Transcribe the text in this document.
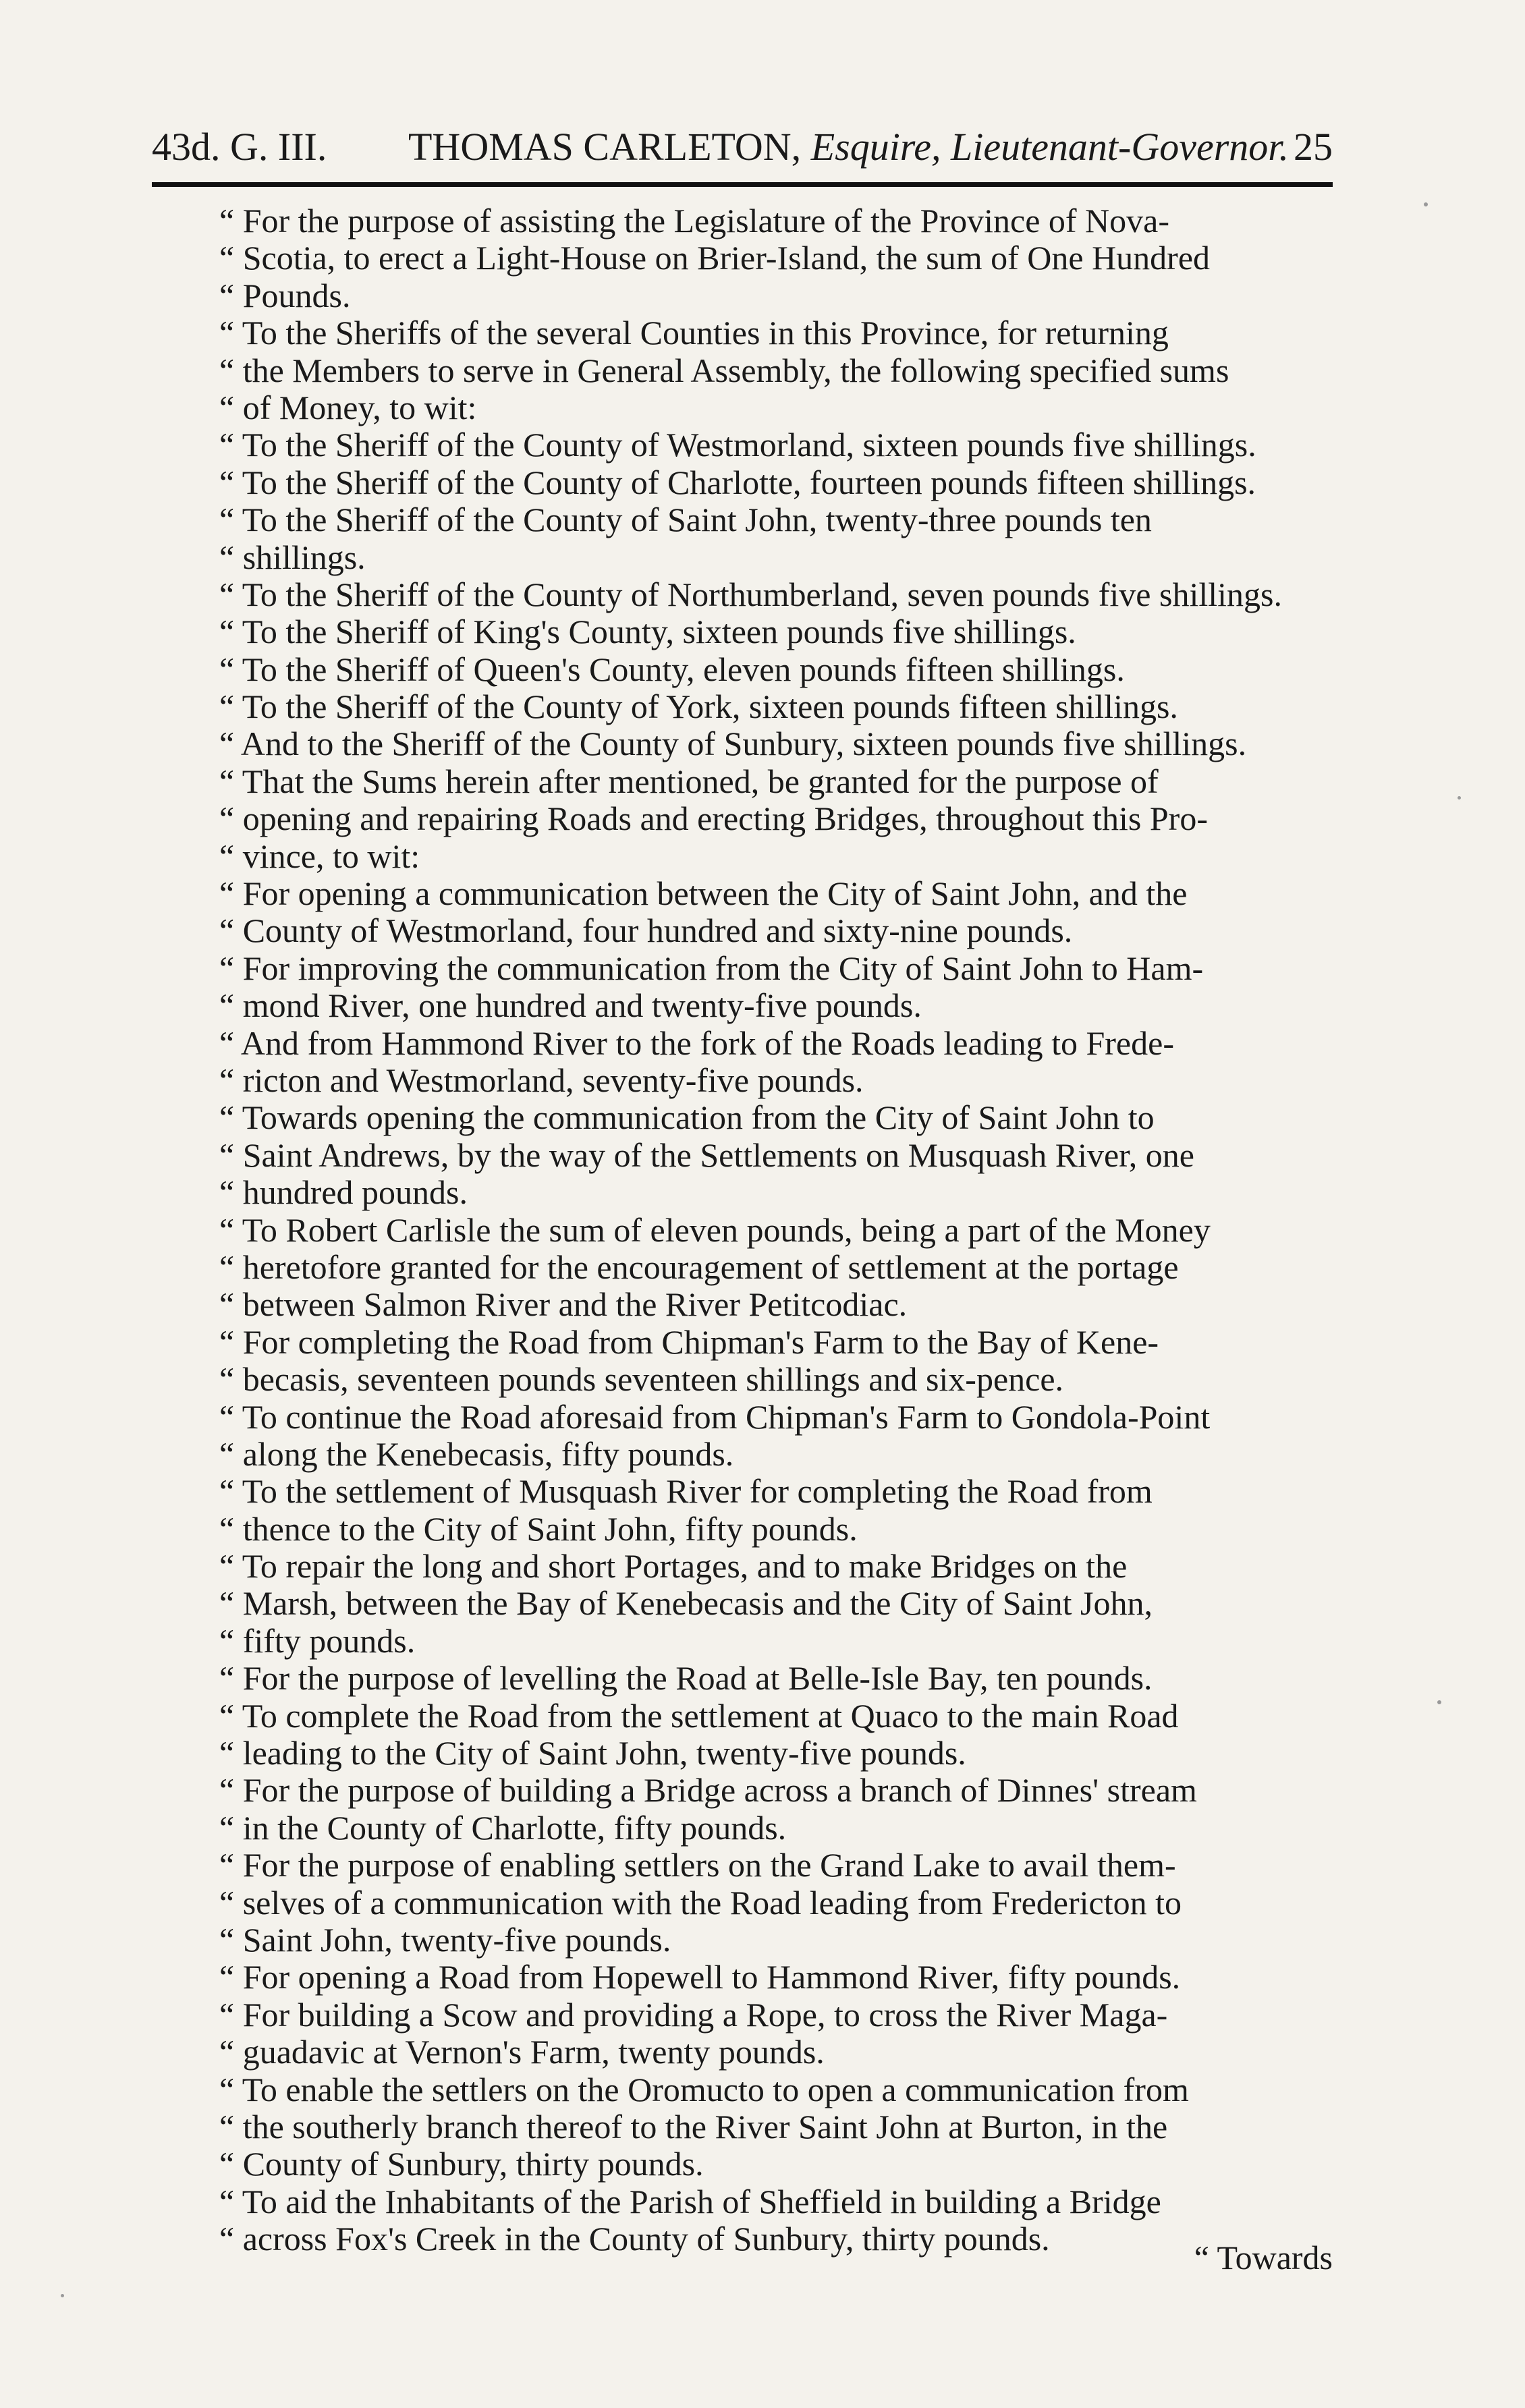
43d. G. III. THOMAS CARLETON, Esquire, Lieutenant-Governor. 25
“ For the purpose of assisting the Legislature of the Province of Nova-
“ Scotia, to erect a Light-House on Brier-Island, the sum of One Hundred
“ Pounds.
“ To the Sheriffs of the several Counties in this Province, for returning
“ the Members to serve in General Assembly, the following specified sums
“ of Money, to wit:
“ To the Sheriff of the County of Westmorland, sixteen pounds five shillings.
“ To the Sheriff of the County of Charlotte, fourteen pounds fifteen shillings.
“ To the Sheriff of the County of Saint John, twenty-three pounds ten
“ shillings.
“ To the Sheriff of the County of Northumberland, seven pounds five shillings.
“ To the Sheriff of King's County, sixteen pounds five shillings.
“ To the Sheriff of Queen's County, eleven pounds fifteen shillings.
“ To the Sheriff of the County of York, sixteen pounds fifteen shillings.
“ And to the Sheriff of the County of Sunbury, sixteen pounds five shillings.
“ That the Sums herein after mentioned, be granted for the purpose of
“ opening and repairing Roads and erecting Bridges, throughout this Pro-
“ vince, to wit:
“ For opening a communication between the City of Saint John, and the
“ County of Westmorland, four hundred and sixty-nine pounds.
“ For improving the communication from the City of Saint John to Ham-
“ mond River, one hundred and twenty-five pounds.
“ And from Hammond River to the fork of the Roads leading to Frede-
“ ricton and Westmorland, seventy-five pounds.
“ Towards opening the communication from the City of Saint John to
“ Saint Andrews, by the way of the Settlements on Musquash River, one
“ hundred pounds.
“ To Robert Carlisle the sum of eleven pounds, being a part of the Money
“ heretofore granted for the encouragement of settlement at the portage
“ between Salmon River and the River Petitcodiac.
“ For completing the Road from Chipman's Farm to the Bay of Kene-
“ becasis, seventeen pounds seventeen shillings and six-pence.
“ To continue the Road aforesaid from Chipman's Farm to Gondola-Point
“ along the Kenebecasis, fifty pounds.
“ To the settlement of Musquash River for completing the Road from
“ thence to the City of Saint John, fifty pounds.
“ To repair the long and short Portages, and to make Bridges on the
“ Marsh, between the Bay of Kenebecasis and the City of Saint John,
“ fifty pounds.
“ For the purpose of levelling the Road at Belle-Isle Bay, ten pounds.
“ To complete the Road from the settlement at Quaco to the main Road
“ leading to the City of Saint John, twenty-five pounds.
“ For the purpose of building a Bridge across a branch of Dinnes' stream
“ in the County of Charlotte, fifty pounds.
“ For the purpose of enabling settlers on the Grand Lake to avail them-
“ selves of a communication with the Road leading from Fredericton to
“ Saint John, twenty-five pounds.
“ For opening a Road from Hopewell to Hammond River, fifty pounds.
“ For building a Scow and providing a Rope, to cross the River Maga-
“ guadavic at Vernon's Farm, twenty pounds.
“ To enable the settlers on the Oromucto to open a communication from
“ the southerly branch thereof to the River Saint John at Burton, in the
“ County of Sunbury, thirty pounds.
“ To aid the Inhabitants of the Parish of Sheffield in building a Bridge
“ across Fox's Creek in the County of Sunbury, thirty pounds.	“ Towards
